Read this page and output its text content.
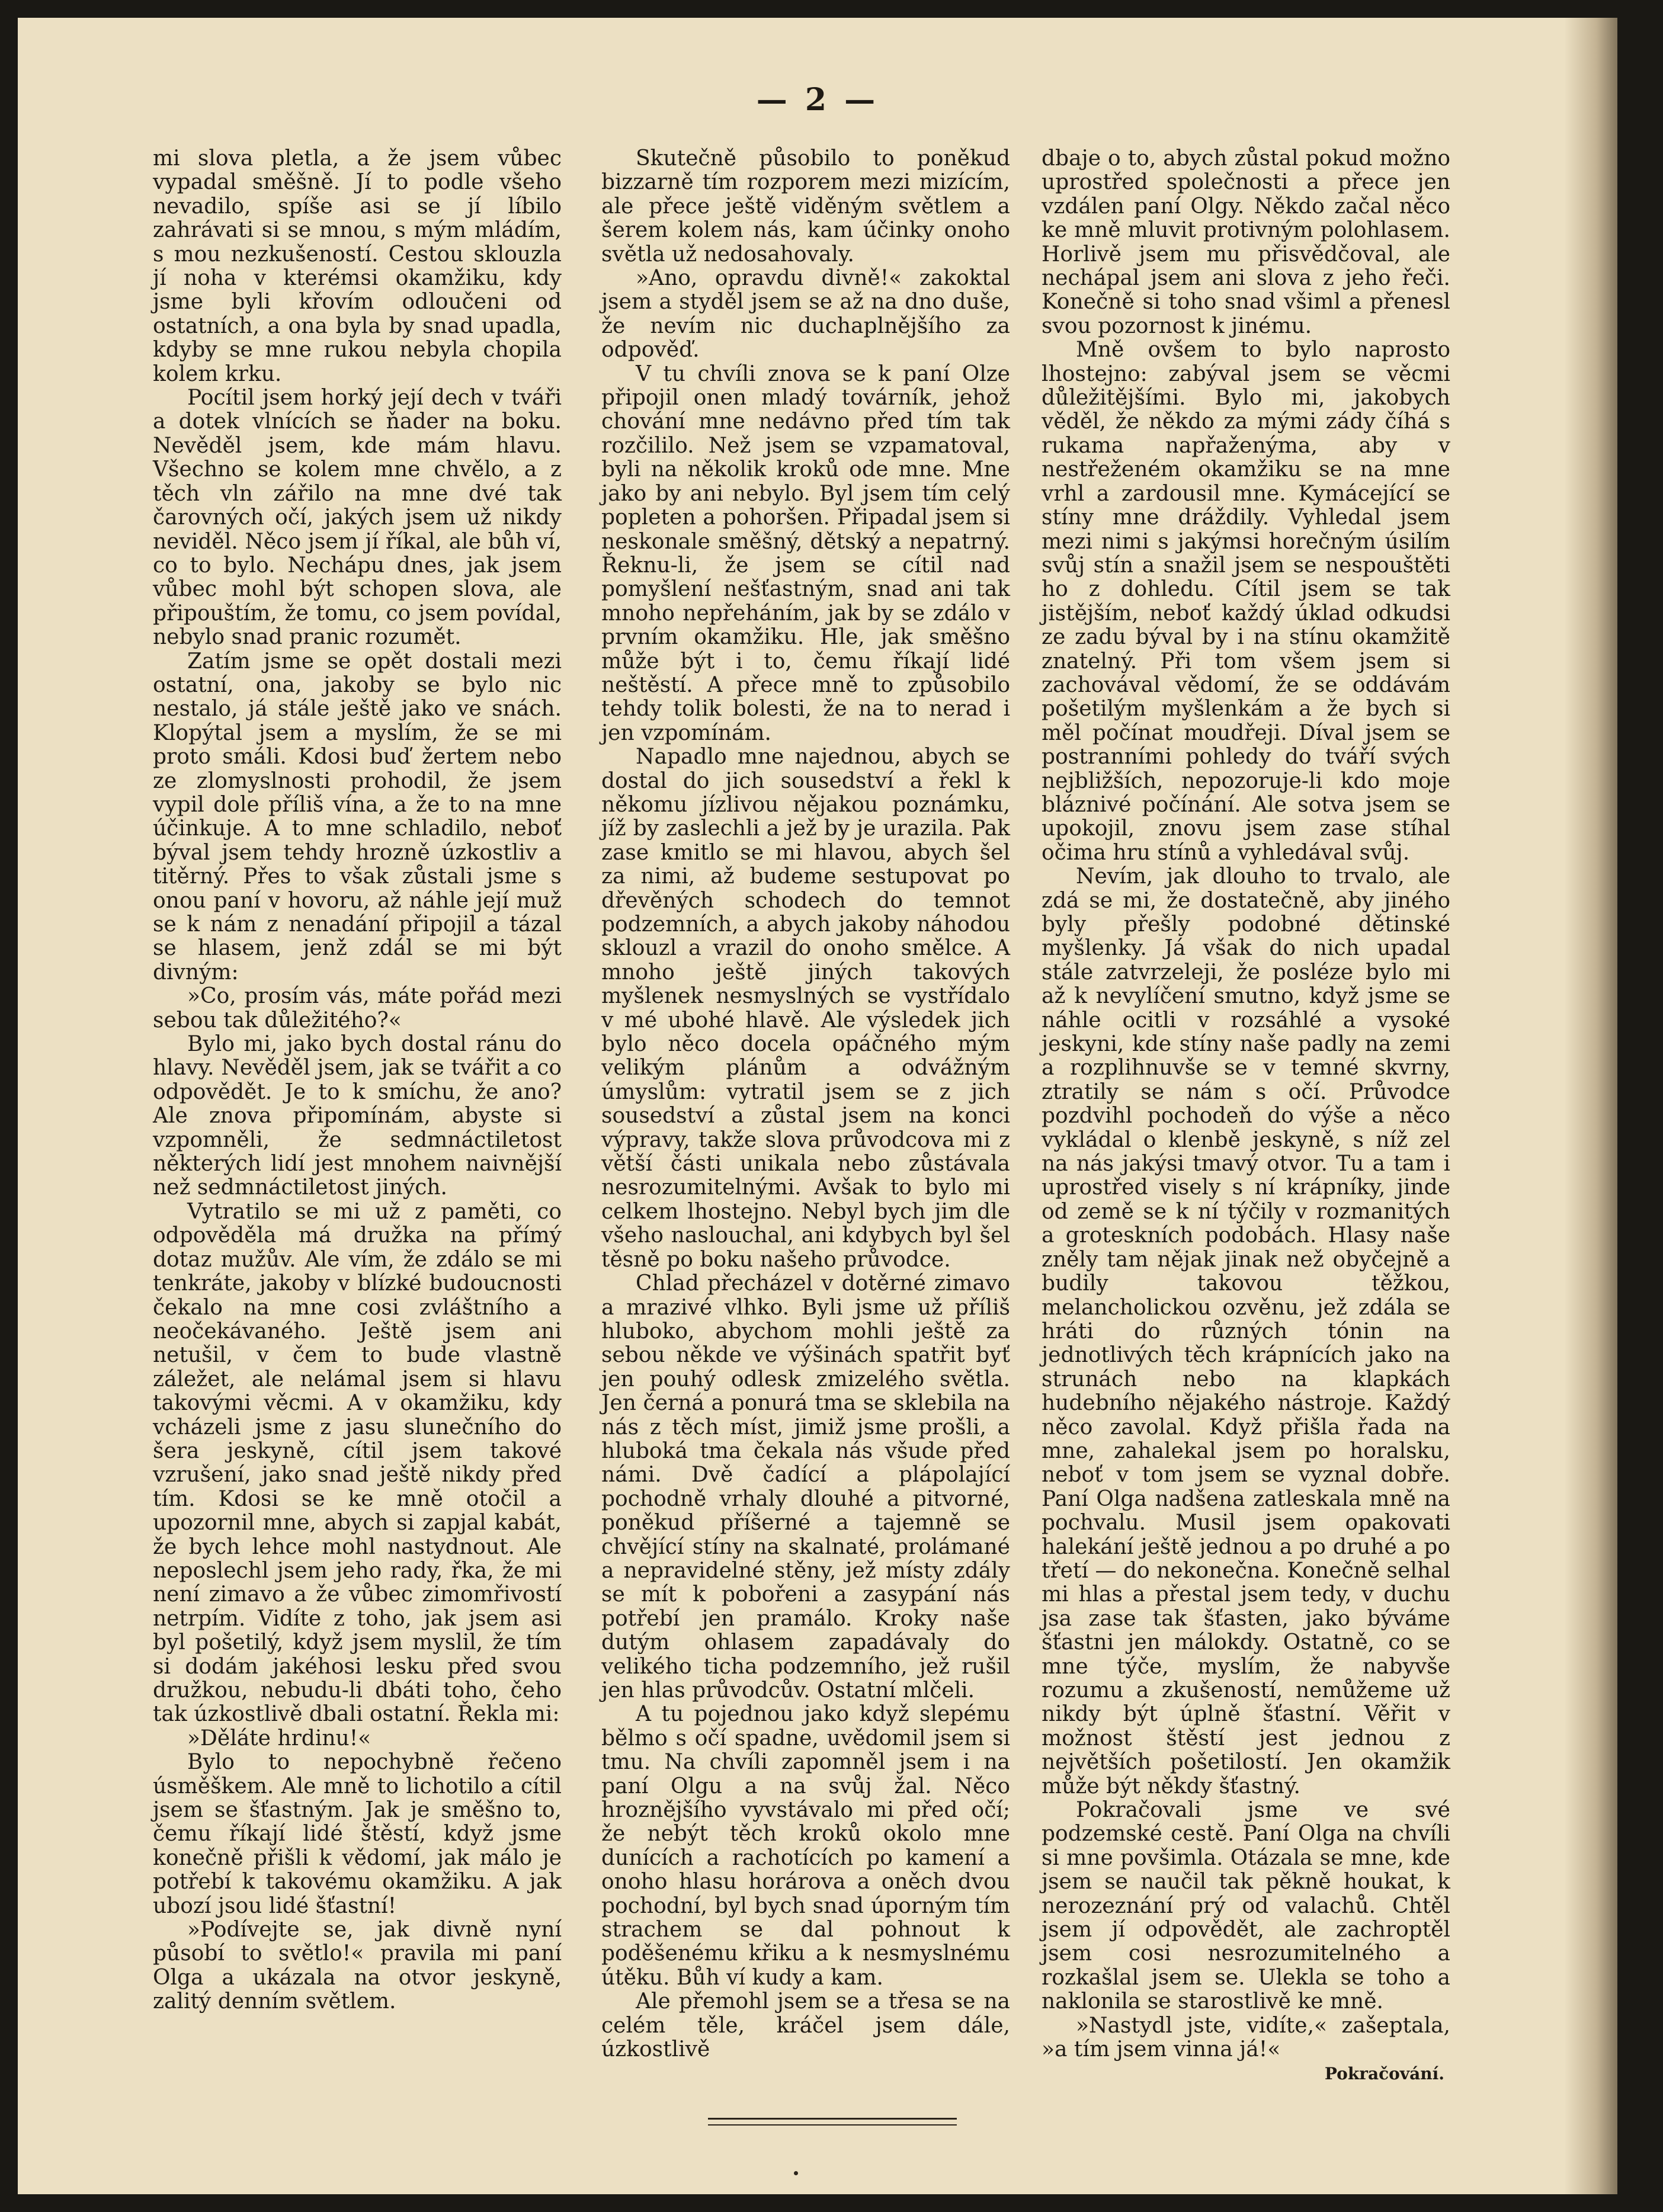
— 2 —

mi slova pletla, a že jsem vůbec vypadal směšně. Jí to podle všeho nevadilo, spíše asi se jí líbilo zahrávati si se mnou, s mým mládím, s mou nezkušeností. Cestou sklouzla jí noha v kterémsi okamžiku, kdy jsme byli křovím odloučeni od ostatních, a ona byla by snad upadla, kdyby se mne rukou nebyla chopila kolem krku.

Pocítil jsem horký její dech v tváři a dotek vlnících se ňader na boku. Nevěděl jsem, kde mám hlavu. Všechno se kolem mne chvělo, a z těch vln zářilo na mne dvé tak čarovných očí, jakých jsem už nikdy neviděl. Něco jsem jí říkal, ale bůh ví, co to bylo. Nechápu dnes, jak jsem vůbec mohl být schopen slova, ale připouštím, že tomu, co jsem povídal, nebylo snad pranic rozumět.

Zatím jsme se opět dostali mezi ostatní, ona, jakoby se bylo nic nestalo, já stále ještě jako ve snách. Klopýtal jsem a myslím, že se mi proto smáli. Kdosi buď žertem nebo ze zlomyslnosti prohodil, že jsem vypil dole příliš vína, a že to na mne účinkuje. A to mne schladilo, neboť býval jsem tehdy hrozně úzkostliv a titěrný. Přes to však zůstali jsme s onou paní v hovoru, až náhle její muž se k nám z nenadání připojil a tázal se hlasem, jenž zdál se mi být divným:

»Co, prosím vás, máte pořád mezi sebou tak důležitého?«

Bylo mi, jako bych dostal ránu do hlavy. Nevěděl jsem, jak se tvářit a co odpovědět. Je to k smíchu, že ano? Ale znova připomínám, abyste si vzpomněli, že sedmnáctiletost některých lidí jest mnohem naivnější než sedmnáctiletost jiných.

Vytratilo se mi už z paměti, co odpověděla má družka na přímý dotaz mužův. Ale vím, že zdálo se mi tenkráte, jakoby v blízké budoucnosti čekalo na mne cosi zvláštního a neočekávaného. Ještě jsem ani netušil, v čem to bude vlastně záležet, ale nelámal jsem si hlavu takovými věcmi. A v okamžiku, kdy vcházeli jsme z jasu slunečního do šera jeskyně, cítil jsem takové vzrušení, jako snad ještě nikdy před tím. Kdosi se ke mně otočil a upozornil mne, abych si zapjal kabát, že bych lehce mohl nastydnout. Ale neposlechl jsem jeho rady, řka, že mi není zimavo a že vůbec zimomřivostí netrpím. Vidíte z toho, jak jsem asi byl pošetilý, když jsem myslil, že tím si dodám jakéhosi lesku před svou družkou, nebudu-li dbáti toho, čeho tak úzkostlivě dbali ostatní. Řekla mi:

»Děláte hrdinu!«

Bylo to nepochybně řečeno úsměškem. Ale mně to lichotilo a cítil jsem se šťastným. Jak je směšno to, čemu říkají lidé štěstí, když jsme konečně přišli k vědomí, jak málo je potřebí k takovému okamžiku. A jak ubozí jsou lidé šťastní!

»Podívejte se, jak divně nyní působí to světlo!« pravila mi paní Olga a ukázala na otvor jeskyně, zalitý denním světlem.

Skutečně působilo to poněkud bizzarně tím rozporem mezi mizícím, ale přece ještě viděným světlem a šerem kolem nás, kam účinky onoho světla už nedosahovaly.

»Ano, opravdu divně!« zakoktal jsem a styděl jsem se až na dno duše, že nevím nic duchaplnějšího za odpověď.

V tu chvíli znova se k paní Olze připojil onen mladý továrník, jehož chování mne nedávno před tím tak rozčililo. Než jsem se vzpamatoval, byli na několik kroků ode mne. Mne jako by ani nebylo. Byl jsem tím celý popleten a pohoršen. Připadal jsem si neskonale směšný, dětský a nepatrný. Řeknu-li, že jsem se cítil nad pomyšlení nešťastným, snad ani tak mnoho nepřeháním, jak by se zdálo v prvním okamžiku. Hle, jak směšno může být i to, čemu říkají lidé neštěstí. A přece mně to způsobilo tehdy tolik bolesti, že na to nerad i jen vzpomínám.

Napadlo mne najednou, abych se dostal do jich sousedství a řekl k někomu jízlivou nějakou poznámku, jíž by zaslechli a jež by je urazila. Pak zase kmitlo se mi hlavou, abych šel za nimi, až budeme sestupovat po dřevěných schodech do temnot podzemních, a abych jakoby náhodou sklouzl a vrazil do onoho smělce. A mnoho ještě jiných takových myšlenek nesmyslných se vystřídalo v mé ubohé hlavě. Ale výsledek jich bylo něco docela opáčného mým velikým plánům a odvážným úmyslům: vytratil jsem se z jich sousedství a zůstal jsem na konci výpravy, takže slova průvodcova mi z větší části unikala nebo zůstávala nesrozumitelnými. Avšak to bylo mi celkem lhostejno. Nebyl bych jim dle všeho naslouchal, ani kdybych byl šel těsně po boku našeho průvodce.

Chlad přecházel v dotěrné zimavo a mrazivé vlhko. Byli jsme už příliš hluboko, abychom mohli ještě za sebou někde ve výšinách spatřit byť jen pouhý odlesk zmizelého světla. Jen černá a ponurá tma se sklebila na nás z těch míst, jimiž jsme prošli, a hluboká tma čekala nás všude před námi. Dvě čadící a plápolající pochodně vrhaly dlouhé a pitvorné, poněkud příšerné a tajemně se chvějící stíny na skalnaté, prolámané a nepravidelné stěny, jež místy zdály se mít k pobořeni a zasypání nás potřebí jen pramálo. Kroky naše dutým ohlasem zapadávaly do velikého ticha podzemního, jež rušil jen hlas průvodcův. Ostatní mlčeli.

A tu pojednou jako když slepému bělmo s očí spadne, uvědomil jsem si tmu. Na chvíli zapomněl jsem i na paní Olgu a na svůj žal. Něco hroznějšího vyvstávalo mi před očí; že nebýt těch kroků okolo mne dunících a rachotících po kamení a onoho hlasu horárova a oněch dvou pochodní, byl bych snad úporným tím strachem se dal pohnout k poděšenému křiku a k nesmyslnému útěku. Bůh ví kudy a kam.

Ale přemohl jsem se a třesa se na celém těle, kráčel jsem dále, úzkostlivě

dbaje o to, abych zůstal pokud možno uprostřed společnosti a přece jen vzdálen paní Olgy. Někdo začal něco ke mně mluvit protivným polohlasem. Horlivě jsem mu přisvědčoval, ale nechápal jsem ani slova z jeho řeči. Konečně si toho snad všiml a přenesl svou pozornost k jinému.

Mně ovšem to bylo naprosto lhostejno: zabýval jsem se věcmi důležitějšími. Bylo mi, jakobych věděl, že někdo za mými zády číhá s rukama napřaženýma, aby v nestřeženém okamžiku se na mne vrhl a zardousil mne. Kymácející se stíny mne dráždily. Vyhledal jsem mezi nimi s jakýmsi horečným úsilím svůj stín a snažil jsem se nespouštěti ho z dohledu. Cítil jsem se tak jistějším, neboť každý úklad odkudsi ze zadu býval by i na stínu okamžitě znatelný. Při tom všem jsem si zachovával vědomí, že se oddávám pošetilým myšlenkám a že bych si měl počínat moudřeji. Díval jsem se postranními pohledy do tváří svých nejbližších, nepozoruje-li kdo moje bláznivé počínání. Ale sotva jsem se upokojil, znovu jsem zase stíhal očima hru stínů a vyhledával svůj.

Nevím, jak dlouho to trvalo, ale zdá se mi, že dostatečně, aby jiného byly přešly podobné dětinské myšlenky. Já však do nich upadal stále zatvrzeleji, že posléze bylo mi až k nevylíčení smutno, když jsme se náhle ocitli v rozsáhlé a vysoké jeskyni, kde stíny naše padly na zemi a rozplihnuvše se v temné skvrny, ztratily se nám s očí. Průvodce pozdvihl pochodeň do výše a něco vykládal o klenbě jeskyně, s níž zel na nás jakýsi tmavý otvor. Tu a tam i uprostřed visely s ní krápníky, jinde od země se k ní týčily v rozmanitých a groteskních podobách. Hlasy naše zněly tam nějak jinak než obyčejně a budily takovou těžkou, melancholickou ozvěnu, jež zdála se hráti do různých tónin na jednotlivých těch krápnících jako na strunách nebo na klapkách hudebního nějakého nástroje. Každý něco zavolal. Když přišla řada na mne, zahalekal jsem po horalsku, neboť v tom jsem se vyznal dobře. Paní Olga nadšena zatleskala mně na pochvalu. Musil jsem opakovati halekání ještě jednou a po druhé a po třetí — do nekonečna. Konečně selhal mi hlas a přestal jsem tedy, v duchu jsa zase tak šťasten, jako býváme šťastni jen málokdy. Ostatně, co se mne týče, myslím, že nabyvše rozumu a zkušeností, nemůžeme už nikdy být úplně šťastní. Věřit v možnost štěstí jest jednou z největších pošetilostí. Jen okamžik může být někdy šťastný.

Pokračovali jsme ve své podzemské cestě. Paní Olga na chvíli si mne povšimla. Otázala se mne, kde jsem se naučil tak pěkně houkat, k nerozeznání prý od valachů. Chtěl jsem jí odpovědět, ale zachroptěl jsem cosi nesrozumitelného a rozkašlal jsem se. Ulekla se toho a naklonila se starostlivě ke mně.

»Nastydl jste, vidíte,« zašeptala, »a tím jsem vinna já!«

Pokračování.
